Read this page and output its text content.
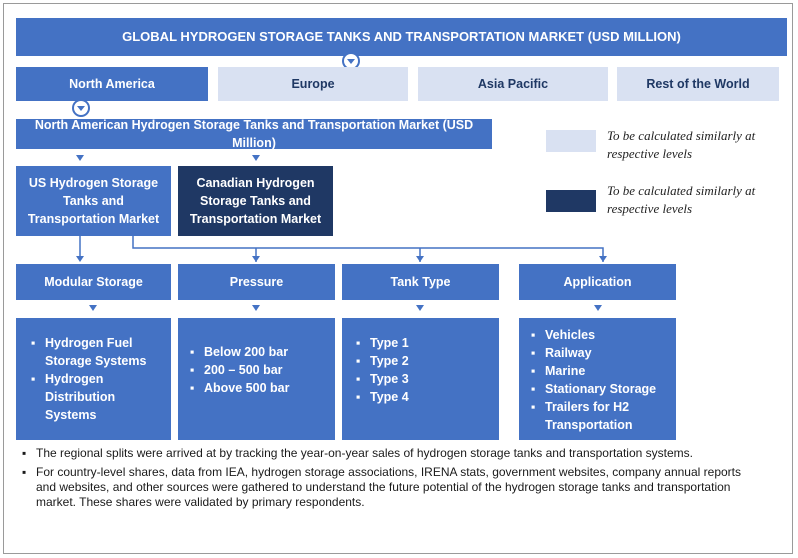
GLOBAL HYDROGEN STORAGE TANKS AND TRANSPORTATION MARKET (USD MILLION)
North America	Europe	Asia Pacific	Rest of the World
North American Hydrogen Storage Tanks and Transportation Market (USD Million)
US Hydrogen Storage Tanks and Transportation Market
Canadian Hydrogen Storage Tanks and Transportation Market
To be calculated similarly at respective levels
To be calculated similarly at respective levels
Modular Storage	Pressure	Tank Type	Application
▪ Hydrogen Fuel Storage Systems
▪ Hydrogen Distribution Systems
▪ Below 200 bar
▪ 200 – 500 bar
▪ Above 500 bar
▪ Type 1
▪ Type 2
▪ Type 3
▪ Type 4
▪ Vehicles
▪ Railway
▪ Marine
▪ Stationary Storage
▪ Trailers for H2 Transportation
▪ The regional splits were arrived at by tracking the year-on-year sales of hydrogen storage tanks and transportation systems.
▪ For country-level shares, data from IEA, hydrogen storage associations, IRENA stats, government websites, company annual reports and websites, and other sources were gathered to understand the future potential of the hydrogen storage tanks and transportation market. These shares were validated by primary respondents.
